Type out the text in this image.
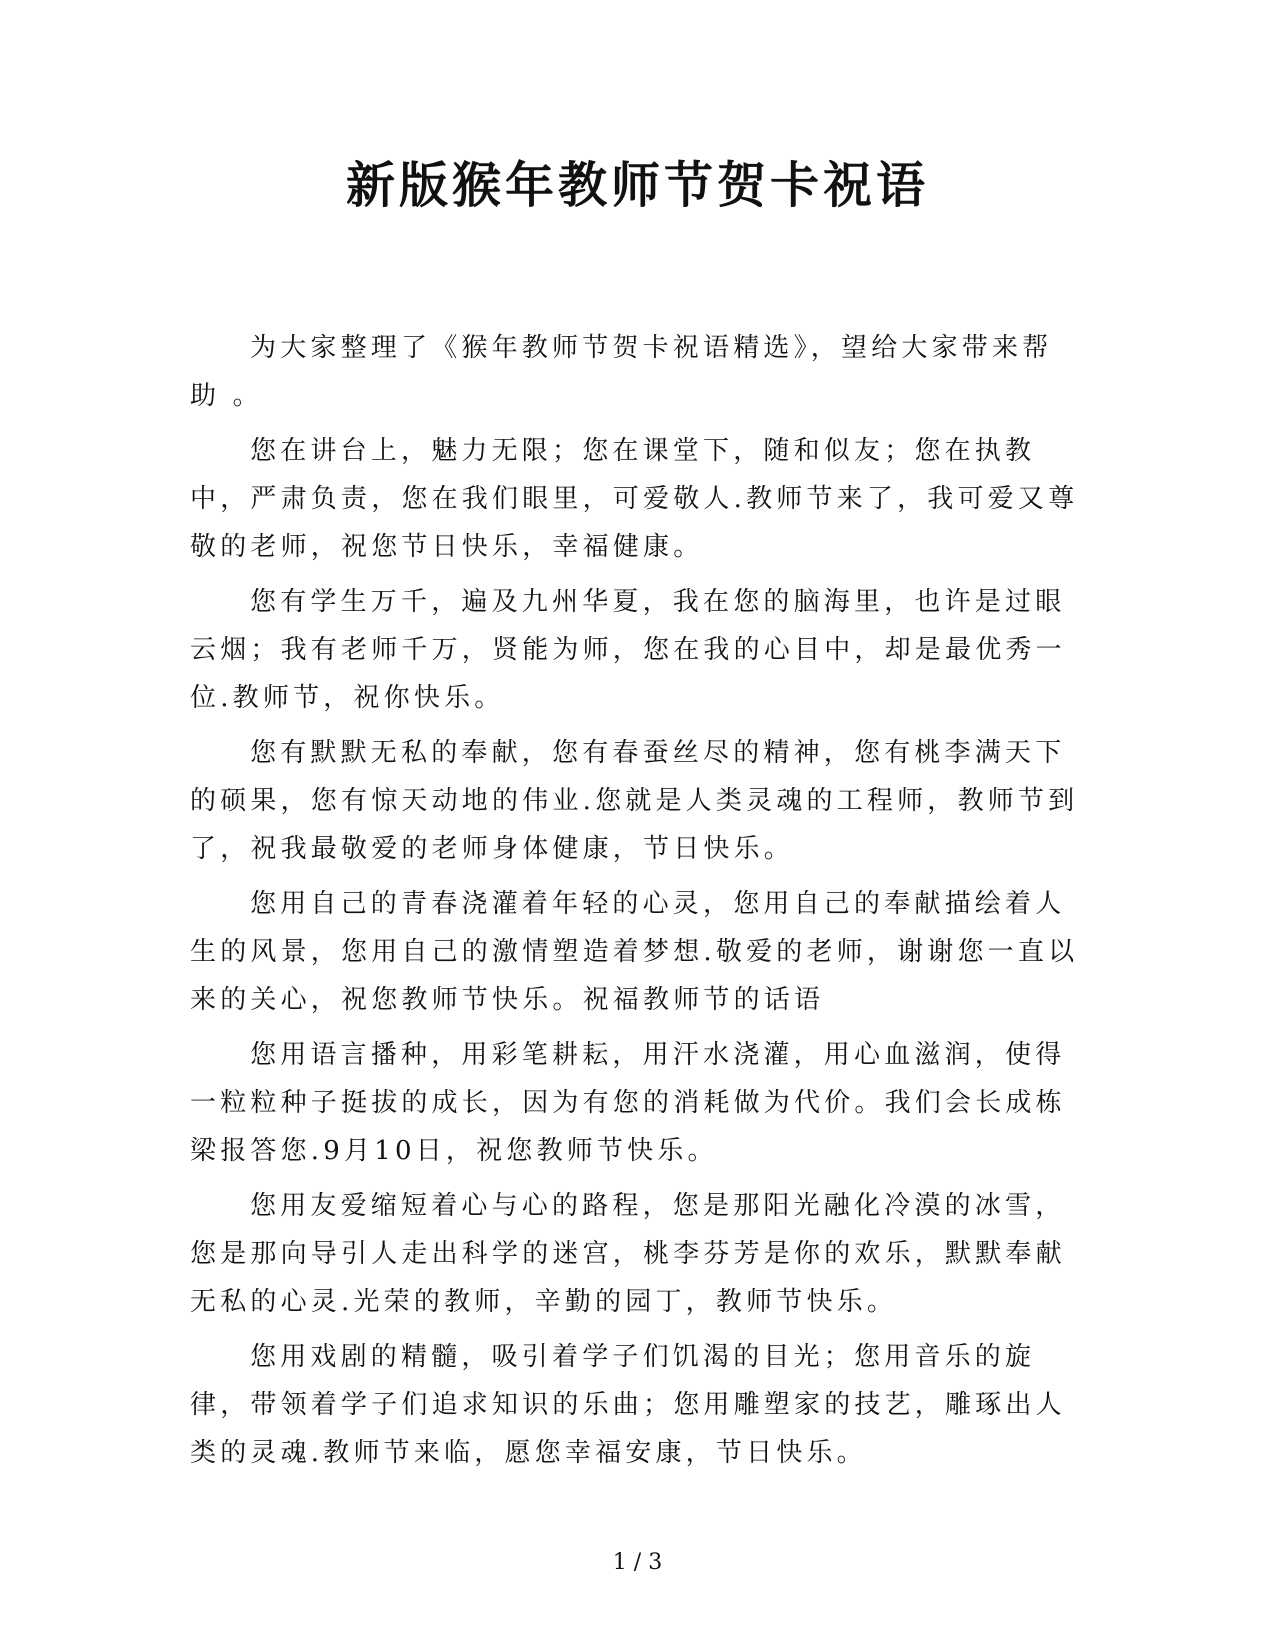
新版猴年教师节贺卡祝语

为大家整理了《猴年教师节贺卡祝语精选》，望给大家带来帮助 。

您在讲台上，魅力无限；您在课堂下，随和似友；您在执教中，严肃负责，您在我们眼里，可爱敬人.教师节来了，我可爱又尊敬的老师，祝您节日快乐，幸福健康。

您有学生万千，遍及九州华夏，我在您的脑海里，也许是过眼云烟；我有老师千万，贤能为师，您在我的心目中，却是最优秀一位.教师节，祝你快乐。

您有默默无私的奉献，您有春蚕丝尽的精神，您有桃李满天下的硕果，您有惊天动地的伟业.您就是人类灵魂的工程师，教师节到了，祝我最敬爱的老师身体健康，节日快乐。

您用自己的青春浇灌着年轻的心灵，您用自己的奉献描绘着人生的风景，您用自己的激情塑造着梦想.敬爱的老师，谢谢您一直以来的关心，祝您教师节快乐。祝福教师节的话语

您用语言播种，用彩笔耕耘，用汗水浇灌，用心血滋润，使得一粒粒种子挺拔的成长，因为有您的消耗做为代价。我们会长成栋梁报答您.9月10日，祝您教师节快乐。

您用友爱缩短着心与心的路程，您是那阳光融化冷漠的冰雪，您是那向导引人走出科学的迷宫，桃李芬芳是你的欢乐，默默奉献无私的心灵.光荣的教师，辛勤的园丁，教师节快乐。

您用戏剧的精髓，吸引着学子们饥渴的目光；您用音乐的旋律，带领着学子们追求知识的乐曲；您用雕塑家的技艺，雕琢出人类的灵魂.教师节来临，愿您幸福安康，节日快乐。

1 / 3
